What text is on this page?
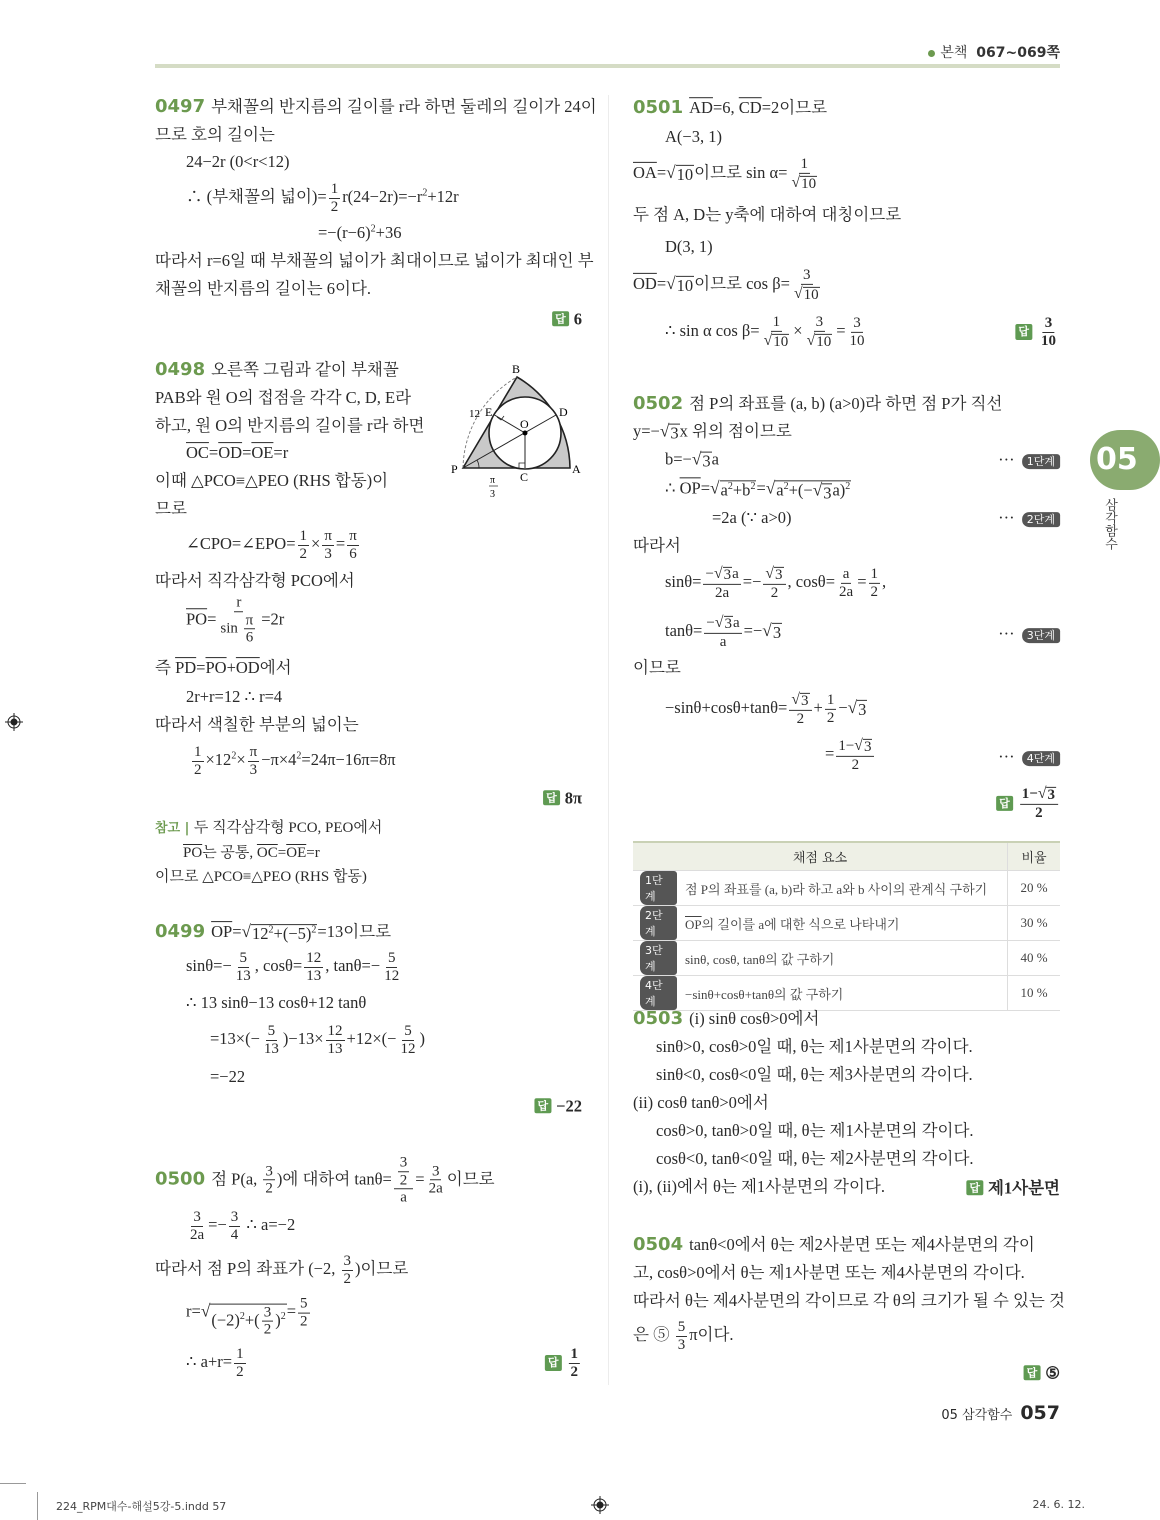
본책 067~069쪽
05
삼각함수
0497 부채꼴의 반지름의 길이를 r라 하면 둘레의 길이가 24이
므로 호의 길이는
24−2r (0<r<12)
∴ (부채꼴의 넓이)= $\frac{1}{2} r(24-2r)=-r^2+12r$
$=-(r-6)^2+36$
따라서 r=6일 때 부채꼴의 넓이가 최대이므로 넓이가 최대인 부
채꼴의 반지름의 길이는 6이다.
답 6
0498 오른쪽 그림과 같이 부채꼴
PAB와 원 O의 접점을 각각 C, D, E라
하고, 원 O의 반지름의 길이를 r라 하면
$\overline{OC}=\overline{OD}=\overline{OE}=r$
이때 △PCO≡△PEO (RHS 합동)이
므로
∠CPO=∠EPO= $\frac{1}{2} \times \frac{\pi}{3} = \frac{\pi}{6}$
따라서 직각삼각형 PCO에서
$\overline{PO}= \frac{r}{\sin \frac{\pi}{6}} =2r$
즉 $\overline{PD}=\overline{PO}+\overline{OD}$에서
2r+r=12 ∴ r=4
따라서 색칠한 부분의 넓이는
$\frac{1}{2} \times 12^2\times \frac{\pi}{3} -\pi\times 4^2=24\pi-16\pi=8\pi$
답 8π
참고 | 두 직각삼각형 PCO, PEO에서
$\overline{PO}$는 공통, $\overline{OC}=\overline{OE}=r$
이므로 △PCO≡△PEO (RHS 합동)
B
E	D
O
P
C
A
12
π
3
0499 $\overline{OP}=$ √ $12^2+(-5)^2 =13$이므로
$\sin\theta=- \frac{5}{13}$ , $\cos\theta= \frac{12}{13}$ , $\tan\theta=- \frac{5}{12}$
∴ 13 sinθ−13 cosθ+12 tanθ
$=13\times(- \frac{5}{13} )-13\times \frac{12}{13} +12\times(- \frac{5}{12}$ )
=−22
답 −22
0500 점 P(a, $\frac{3}{2}$ )에 대하여 $\tan\theta= \frac{\frac{3}{2}}{a} = \frac{3}{2a}$ 이므로
$\frac{3}{2a} =- \frac{3}{4}$ ∴ a=−2
따라서 점 P의 좌표가 (−2, $\frac{3}{2}$ )이므로
r= √ $(-2)^2+( \frac{3}{2} )^2 = \frac{5}{2}$
∴ $a+r= \frac{1}{2}$	답 $\frac{1}{2}$
0501 $\overline{AD}=6$, $\overline{CD}=2$이므로
A(−3, 1)
$\overline{OA}=$ √ 10 이므로 $\sin \alpha= \frac{1}{√ 10}$
두 점 A, D는 y축에 대하여 대칭이므로
D(3, 1)
$\overline{OD}=$ √ 10 이므로 $\cos \beta= \frac{3}{√ 10}$
∴ sin α $\cos \beta= \frac{1}{√ 10} \times \frac{3}{√ 10} = \frac{3}{10}$	답 $\frac{3}{10}$
0502 점 P의 좌표를 (a, b) (a>0)라 하면 점 P가 직선
y=− √ 3 x 위의 점이므로
b=− √ 3 a
∴ $\overline{OP}=$ √ $a^2+b^2$ = √ $a^2+(-$ √ 3 a)$^2$
=2a (∵ a>0)
따라서
$\sin\theta= \frac{- √ 3 a}{2a} =- \frac{√ 3}{2}$ , $\cos\theta= \frac{a}{2a} = \frac{1}{2}$ ,
$\tan\theta= \frac{- √ 3 a}{a}$ =− √ 3
이므로
$-\sin\theta+\cos\theta+\tan\theta= \frac{√ 3}{2} + \frac{1}{2}$ − √ 3
= $\frac{1- √ 3}{2}$
답 $\frac{1- √ 3}{2}$
··· 1단계
··· 2단계
··· 3단계
··· 4단계
채점 요소		비율
1단계	점 P의 좌표를 (a, b)라 하고 a와 b 사이의 관계식 구하기	20 %
2단계	$\overline{OP}$의 길이를 a에 대한 식으로 나타내기	30 %
3단계	sinθ, cosθ, tanθ의 값 구하기	40 %
4단계	−sinθ+cosθ+tanθ의 값 구하기	10 %
0503 (i) sinθ cosθ>0에서
sinθ>0, cosθ>0일 때, θ는 제1사분면의 각이다.
sinθ<0, cosθ<0일 때, θ는 제3사분면의 각이다.
(ii) cosθ tanθ>0에서
cosθ>0, tanθ>0일 때, θ는 제1사분면의 각이다.
cosθ<0, tanθ<0일 때, θ는 제2사분면의 각이다.
(i), (ii)에서 θ는 제1사분면의 각이다.	답 제1사분면
0504 tanθ<0에서 θ는 제2사분면 또는 제4사분면의 각이
고, cosθ>0에서 θ는 제1사분면 또는 제4사분면의 각이다.
따라서 θ는 제4사분면의 각이므로 각 θ의 크기가 될 수 있는 것
은 ⑤ $\frac{5}{3}$ π이다.
답 ⑤
05 삼각함수 057
224_RPM대수-해설5강-5.indd 57	24. 6. 12.
